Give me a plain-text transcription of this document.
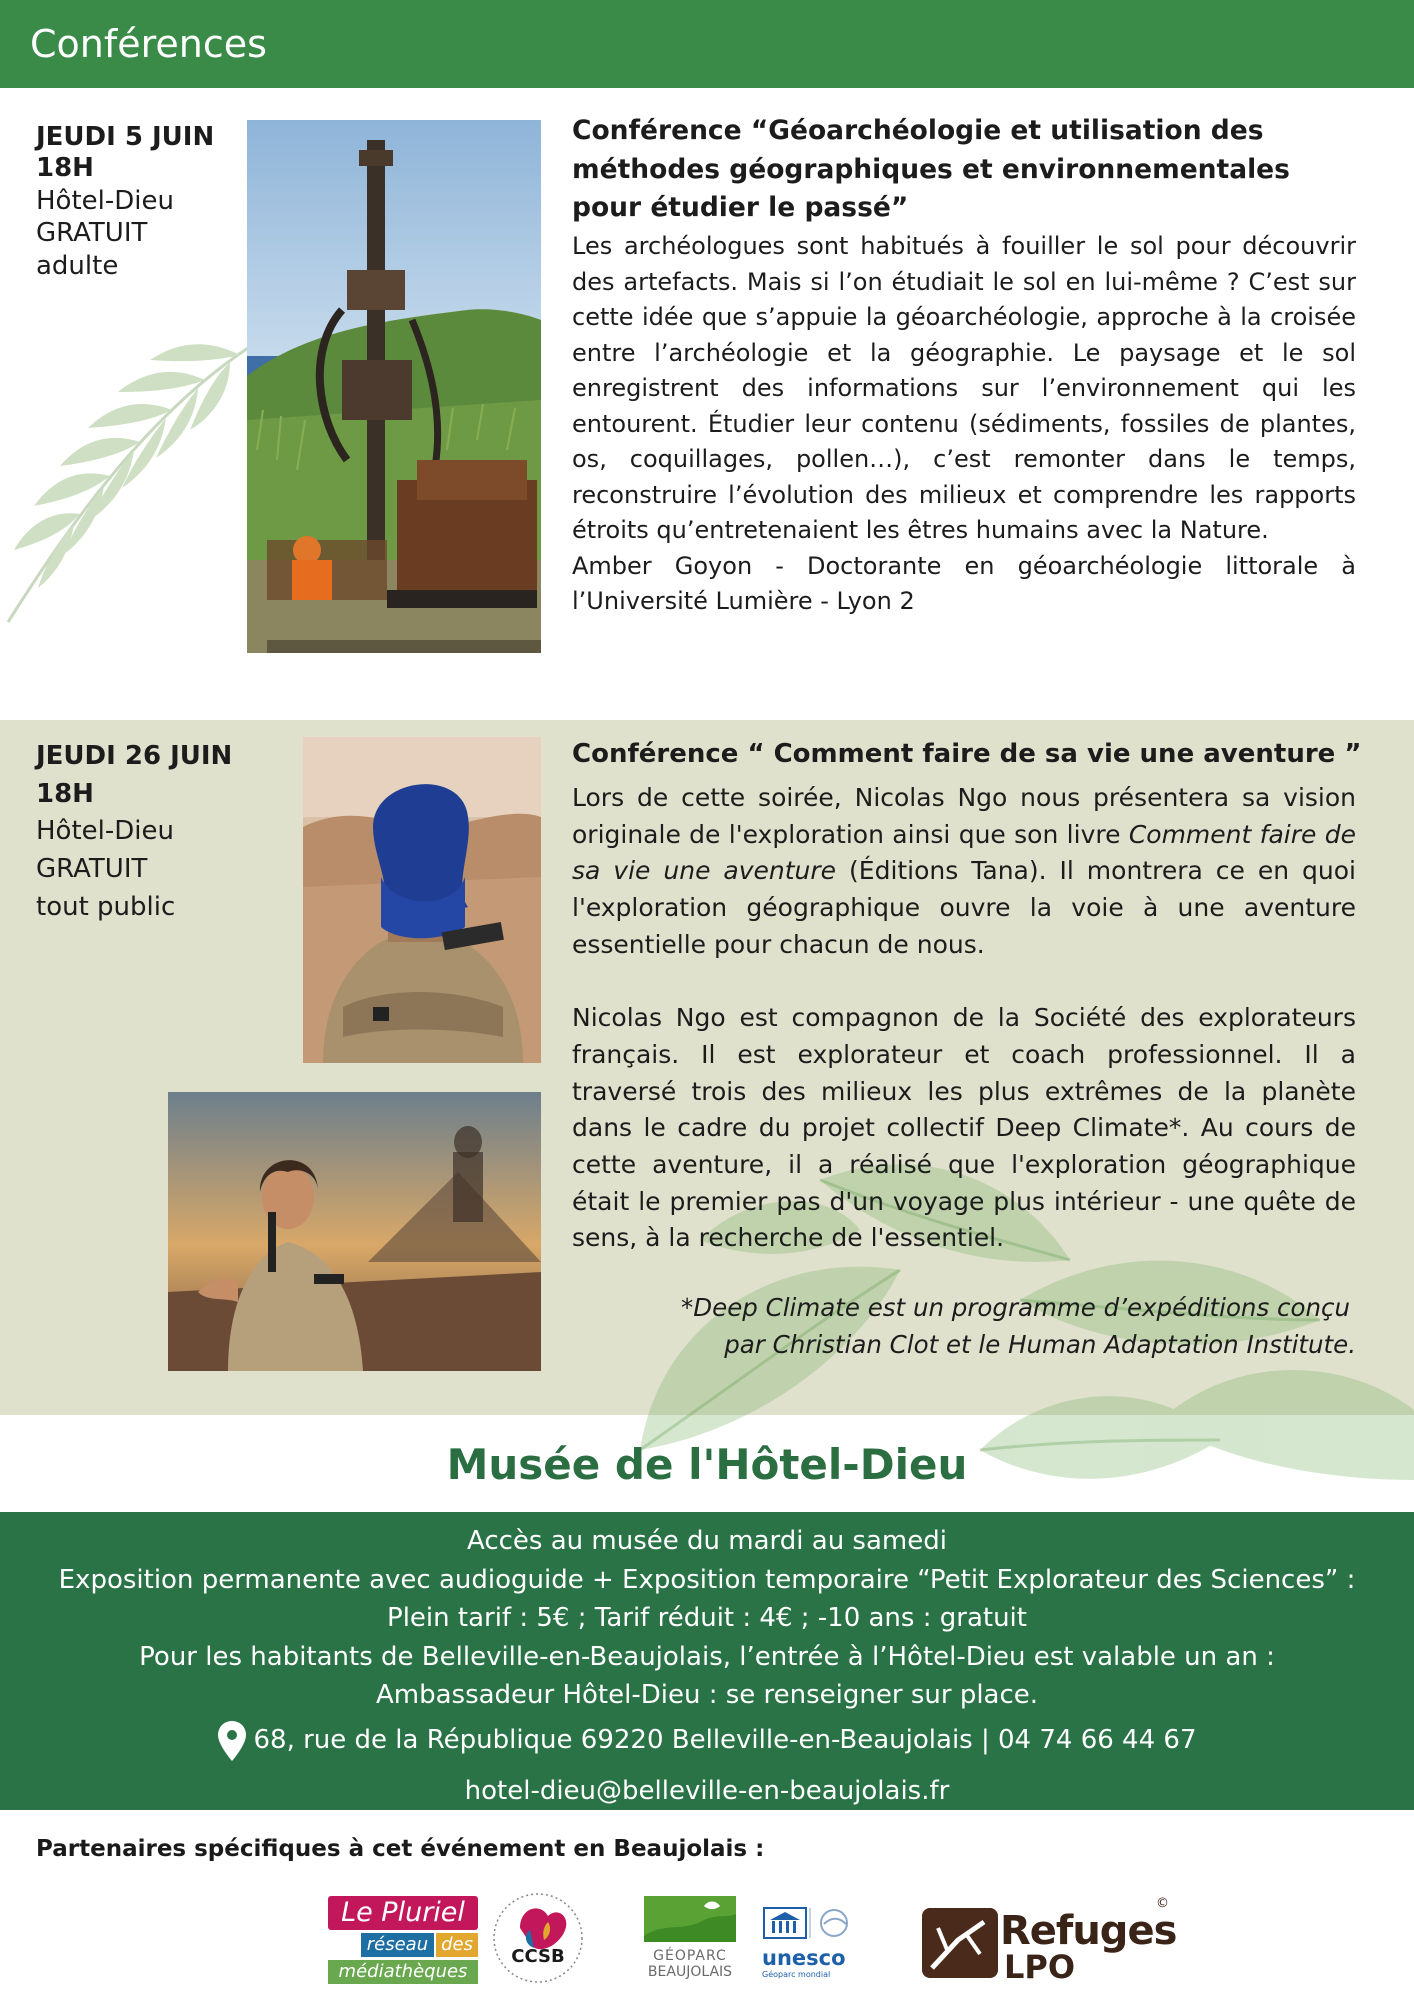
Conférences
JEUDI 5 JUIN
18H
Hôtel-Dieu
GRATUIT
adulte
Conférence “Géoarchéologie et utilisation des méthodes géographiques et environnementales pour étudier le passé”

Les archéologues sont habitués à fouiller le sol pour découvrir des artefacts. Mais si l’on étudiait le sol en lui-même ? C’est sur cette idée que s’appuie la géoarchéologie, approche à la croisée entre l’archéologie et la géographie. Le paysage et le sol enregistrent des informations sur l’environnement qui les entourent. Étudier leur contenu (sédiments, fossiles de plantes, os, coquillages, pollen…), c’est remonter dans le temps, reconstruire l’évolution des milieux et comprendre les rapports étroits qu’entretenaient les êtres humains avec la Nature.

Amber Goyon - Doctorante en géoarchéologie littorale à l’Université Lumière - Lyon 2

JEUDI 26 JUIN
18H
Hôtel-Dieu
GRATUIT
tout public
Conférence “ Comment faire de sa vie une aventure ”

Lors de cette soirée, Nicolas Ngo nous présentera sa vision originale de l'exploration ainsi que son livre Comment faire de sa vie une aventure (Éditions Tana). Il montrera ce en quoi l'exploration géographique ouvre la voie à une aventure essentielle pour chacun de nous.

Nicolas Ngo est compagnon de la Société des explorateurs français. Il est explorateur et coach professionnel. Il a traversé trois des milieux les plus extrêmes de la planète dans le cadre du projet collectif Deep Climate*. Au cours de cette aventure, il a réalisé que l'exploration géographique était le premier pas d'un voyage plus intérieur - une quête de sens, à la recherche de l'essentiel.

*Deep Climate est un programme d’expéditions conçu
par Christian Clot et le Human Adaptation Institute.
Musée de l'Hôtel-Dieu
Accès au musée du mardi au samedi
Exposition permanente avec audioguide + Exposition temporaire “Petit Explorateur des Sciences” :
Plein tarif : 5€ ; Tarif réduit : 4€ ; -10 ans : gratuit
Pour les habitants de Belleville-en-Beaujolais, l’entrée à l’Hôtel-Dieu est valable un an :
Ambassadeur Hôtel-Dieu : se renseigner sur place.
68, rue de la République 69220 Belleville-en-Beaujolais | 04 74 66 44 67
hotel-dieu@belleville-en-beaujolais.fr
Partenaires spécifiques à cet événement en Beaujolais :
Le Pluriel
réseau des
médiathèques
CCSB	GÉOPARC
BEAUJOLAIS
unesco
Géoparc mondial
Refuges
LPO
©
